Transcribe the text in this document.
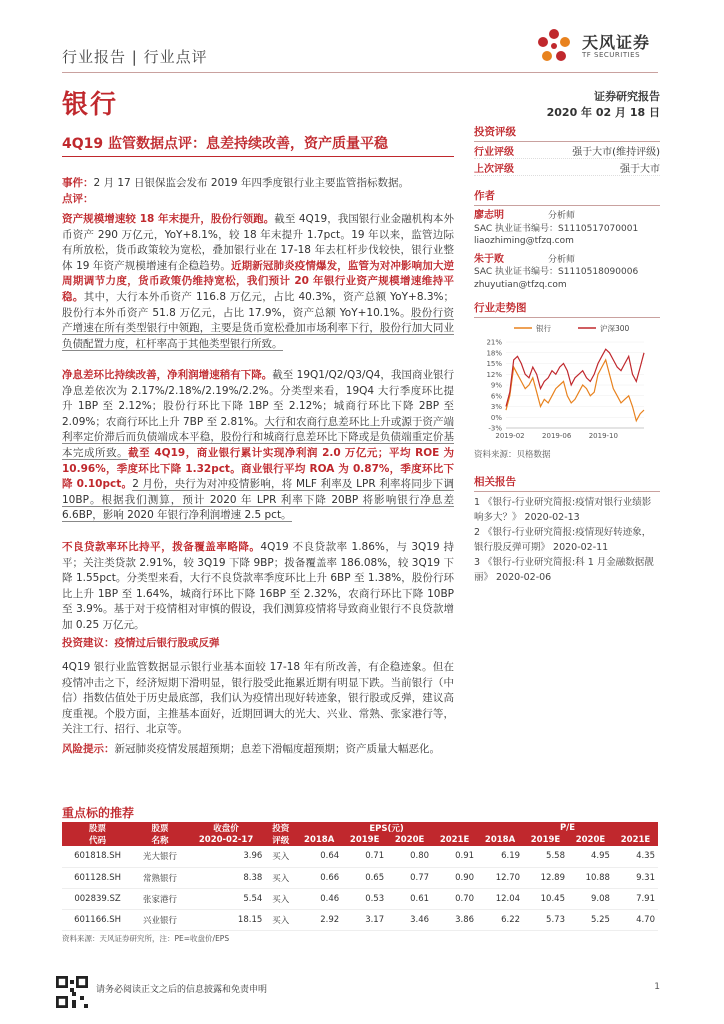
行业报告 | 行业点评
天风证券
TF SECURITIES
银行	证券研究报告
2020 年 02 月 18 日
4Q19 监管数据点评：息差持续改善，资产质量平稳
事件：2 月 17 日银保监会发布 2019 年四季度银行业主要监管指标数据。
点评：
资产规模增速较 18 年末提升，股份行领跑。截至 4Q19，我国银行业金融机构本外币资产 290 万亿元，YoY+8.1%，较 18 年末提升 1.7pct。19 年以来，监管边际有所放松，货币政策较为宽松，叠加银行业在 17-18 年去杠杆步伐较快，银行业整体 19 年资产规模增速有企稳趋势。近期新冠肺炎疫情爆发，监管为对冲影响加大逆周期调节力度，货币政策仍维持宽松，我们预计 20 年银行业资产规模增速维持平稳。其中，大行本外币资产 116.8 万亿元，占比 40.3%，资产总额 YoY+8.3%；股份行本外币资产 51.8 万亿元，占比 17.9%，资产总额 YoY+10.1%。股份行资产增速在所有类型银行中领跑，主要是货币宽松叠加市场利率下行，股份行加大同业负债配置力度，杠杆率高于其他类型银行所致。
净息差环比持续改善，净利润增速稍有下降。截至 19Q1/Q2/Q3/Q4，我国商业银行净息差依次为 2.17%/2.18%/2.19%/2.2%。分类型来看，19Q4 大行季度环比提升 1BP 至 2.12%；股份行环比下降 1BP 至 2.12%；城商行环比下降 2BP 至 2.09%；农商行环比上升 7BP 至 2.81%。大行和农商行息差环比上升或源于资产端利率定价滞后而负债端成本平稳，股份行和城商行息差环比下降或是负债端重定价基本完成所致。截至 4Q19，商业银行累计实现净利润 2.0 万亿元；平均 ROE 为 10.96%，季度环比下降 1.32pct。商业银行平均 ROA 为 0.87%，季度环比下降 0.10pct。2 月份，央行为对冲疫情影响，将 MLF 利率及 LPR 利率将同步下调 10BP。根据我们测算，预计 2020 年 LPR 利率下降 20BP 将影响银行净息差 6.6BP，影响 2020 年银行净利润增速 2.5 pct。
不良贷款率环比持平，拨备覆盖率略降。4Q19 不良贷款率 1.86%，与 3Q19 持平；关注类贷款 2.91%，较 3Q19 下降 9BP；拨备覆盖率 186.08%，较 3Q19 下降 1.55pct。分类型来看，大行不良贷款率季度环比上升 6BP 至 1.38%，股份行环比上升 1BP 至 1.64%，城商行环比下降 16BP 至 2.32%，农商行环比下降 10BP 至 3.9%。基于对于疫情相对审慎的假设，我们测算疫情将导致商业银行不良贷款增加 0.25 万亿元。
投资建议：疫情过后银行股或反弹
4Q19 银行业监管数据显示银行业基本面较 17-18 年有所改善，有企稳迹象。但在疫情冲击之下，经济短期下滑明显，银行股受此拖累近期有明显下跌。当前银行（中信）指数估值处于历史最底部，我们认为疫情出现好转迹象，银行股或反弹，建议高度重视。个股方面，主推基本面好，近期回调大的光大、兴业、常熟、张家港行等，关注工行、招行、北京等。
风险提示：新冠肺炎疫情发展超预期；息差下滑幅度超预期；资产质量大幅恶化。
投资评级
行业评级	强于大市(维持评级)
上次评级	强于大市
作者
廖志明	分析师
SAC 执业证书编号：S1110517070001
liaozhiming@tfzq.com
朱于败	分析师
SAC 执业证书编号：S1110518090006
zhuyutian@tfzq.com
行业走势图
银行	沪深300
21%
18%
15%
12%
9%
6%
3%
0%
-3%
2019-02 2019-06 2019-10
资料来源：贝格数据
相关报告
1 《银行-行业研究简报:疫情对银行业绩影响多大？》 2020-02-13
2 《银行-行业研究简报:疫情现好转迹象，银行股反弹可期》 2020-02-11
3 《银行-行业研究简报:科 1 月金融数据靓丽》 2020-02-06
重点标的推荐
股票	股票	收盘价	投资	EPS(元)				P/E			
代码	名称	2020-02-17	评级	2018A	2019E	2020E	2021E	2018A	2019E	2020E	2021E
601818.SH	光大银行	3.96	买入	0.64	0.71	0.80	0.91	6.19	5.58	4.95	4.35
601128.SH	常熟银行	8.38	买入	0.66	0.65	0.77	0.90	12.70	12.89	10.88	9.31
002839.SZ	张家港行	5.54	买入	0.46	0.53	0.61	0.70	12.04	10.45	9.08	7.91
601166.SH	兴业银行	18.15	买入	2.92	3.17	3.46	3.86	6.22	5.73	5.25	4.70
资料来源：天风证券研究所，注：PE=收盘价/EPS
请务必阅读正文之后的信息披露和免责申明	1
